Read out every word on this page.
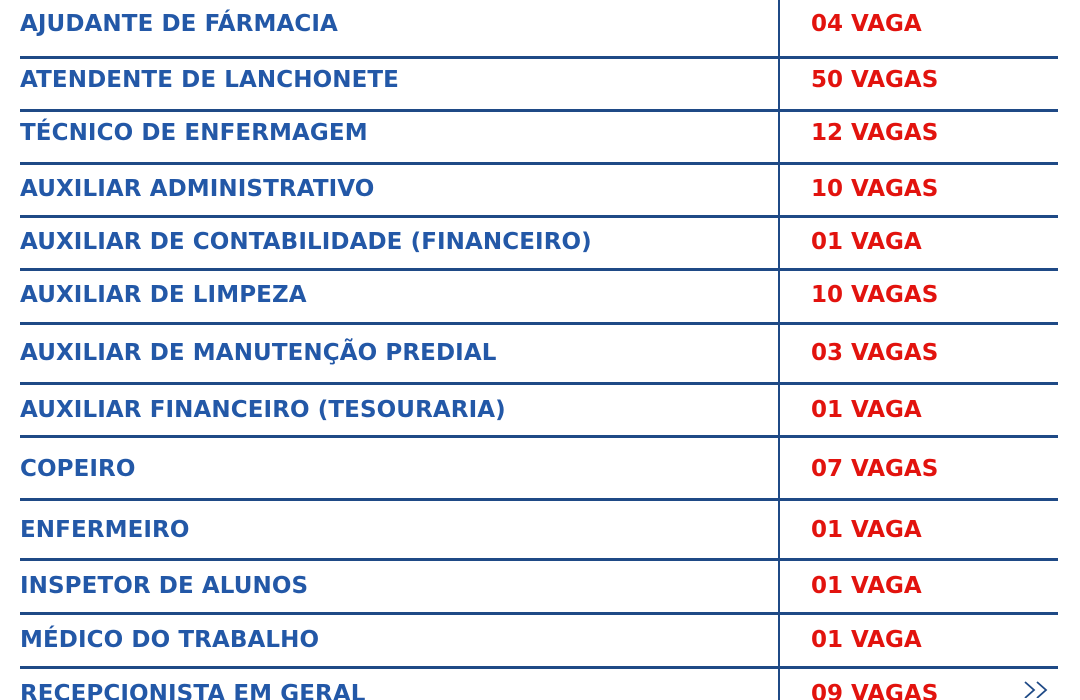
AJUDANTE DE FÁRMACIA	04 VAGA
ATENDENTE DE LANCHONETE	50 VAGAS
TÉCNICO DE ENFERMAGEM	12 VAGAS
AUXILIAR ADMINISTRATIVO	10 VAGAS
AUXILIAR DE CONTABILIDADE (FINANCEIRO)	01 VAGA
AUXILIAR DE LIMPEZA	10 VAGAS
AUXILIAR DE MANUTENÇÃO PREDIAL	03 VAGAS
AUXILIAR FINANCEIRO (TESOURARIA)	01 VAGA
COPEIRO	07 VAGAS
ENFERMEIRO	01 VAGA
INSPETOR DE ALUNOS	01 VAGA
MÉDICO DO TRABALHO	01 VAGA
RECEPCIONISTA EM GERAL	09 VAGAS
